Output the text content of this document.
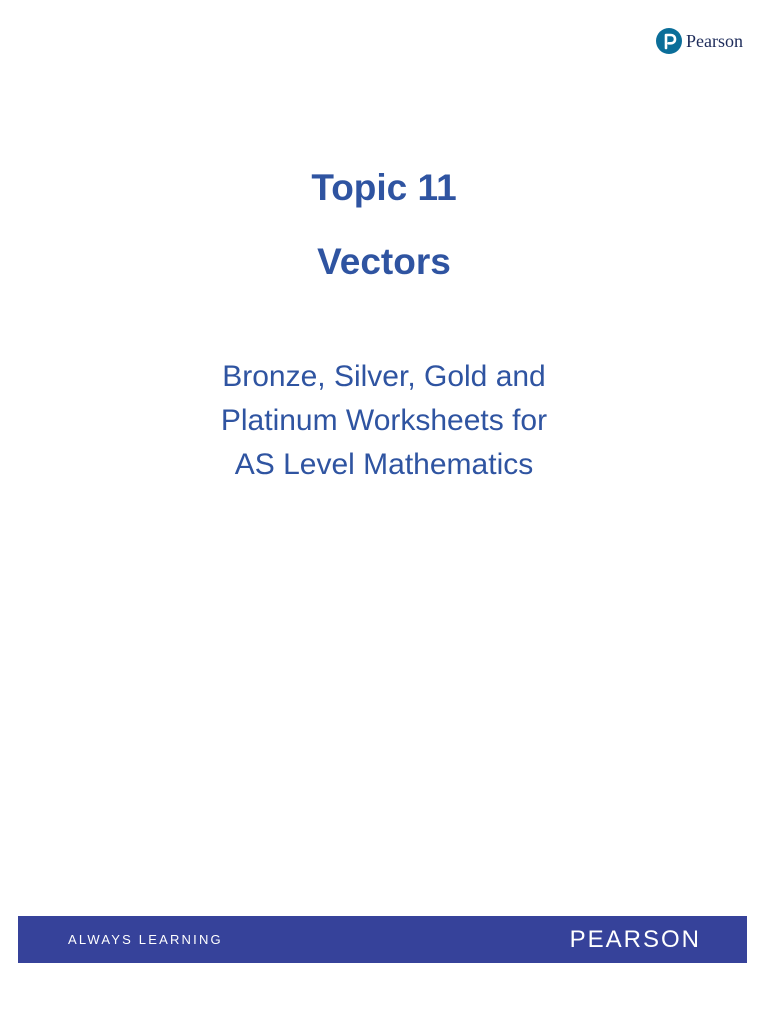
Pearson

Topic 11

Vectors

Bronze, Silver, Gold and
Platinum Worksheets for
AS Level Mathematics
ALWAYS LEARNING	PEARSON
